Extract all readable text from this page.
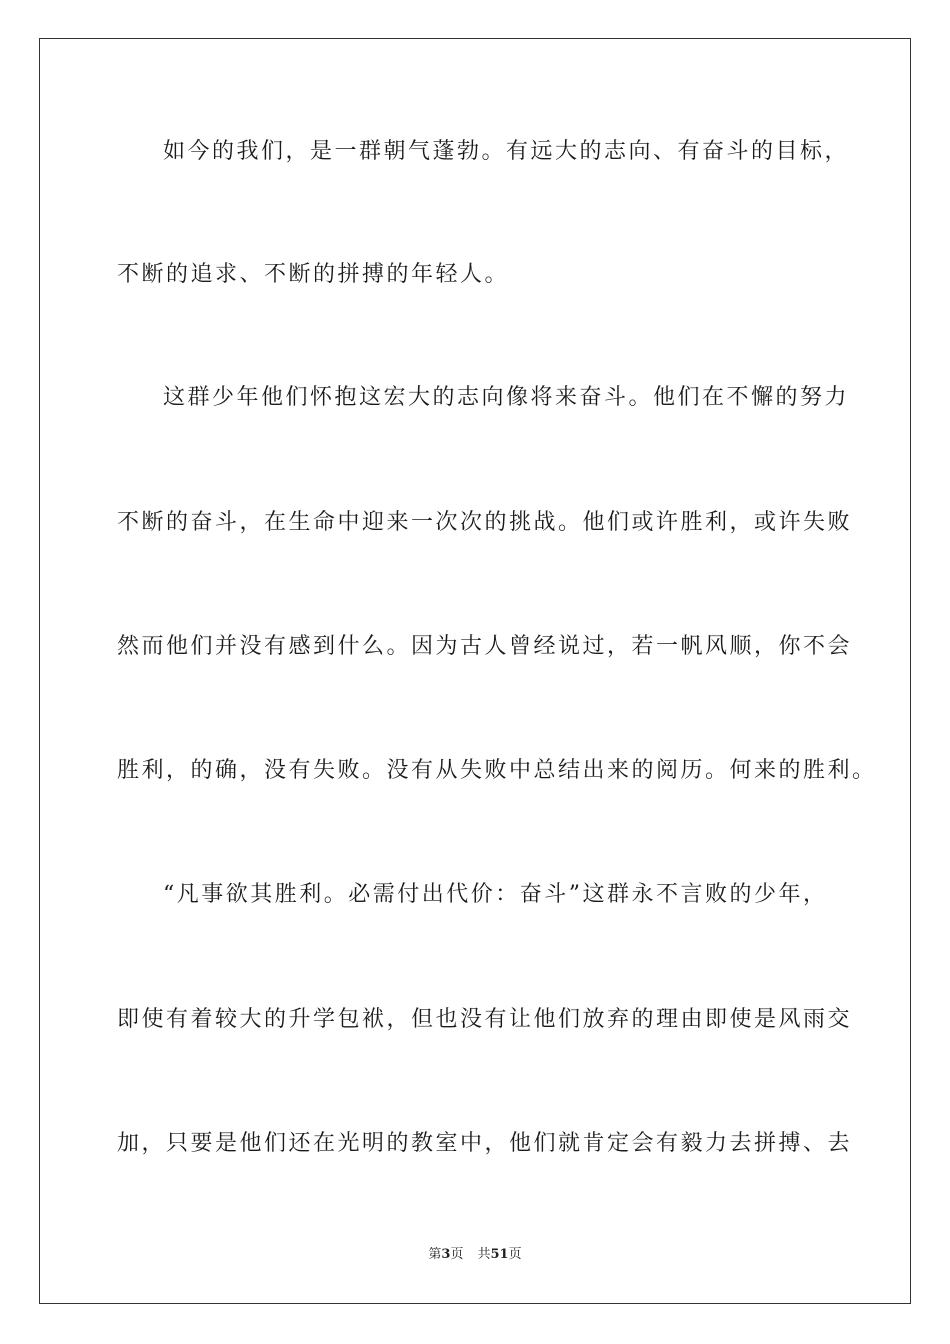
如今的我们，是一群朝气蓬勃。有远大的志向、有奋斗的目标，
不断的追求、不断的拼搏的年轻人。
这群少年他们怀抱这宏大的志向像将来奋斗。他们在不懈的努力
不断的奋斗，在生命中迎来一次次的挑战。他们或许胜利，或许失败
然而他们并没有感到什么。因为古人曾经说过，若一帆风顺，你不会
胜利，的确，没有失败。没有从失败中总结出来的阅历。何来的胜利。
“凡事欲其胜利。必需付出代价：奋斗”这群永不言败的少年，
即使有着较大的升学包袱，但也没有让他们放弃的理由即使是风雨交
加，只要是他们还在光明的教室中，他们就肯定会有毅力去拼搏、去
第3页 共51页
